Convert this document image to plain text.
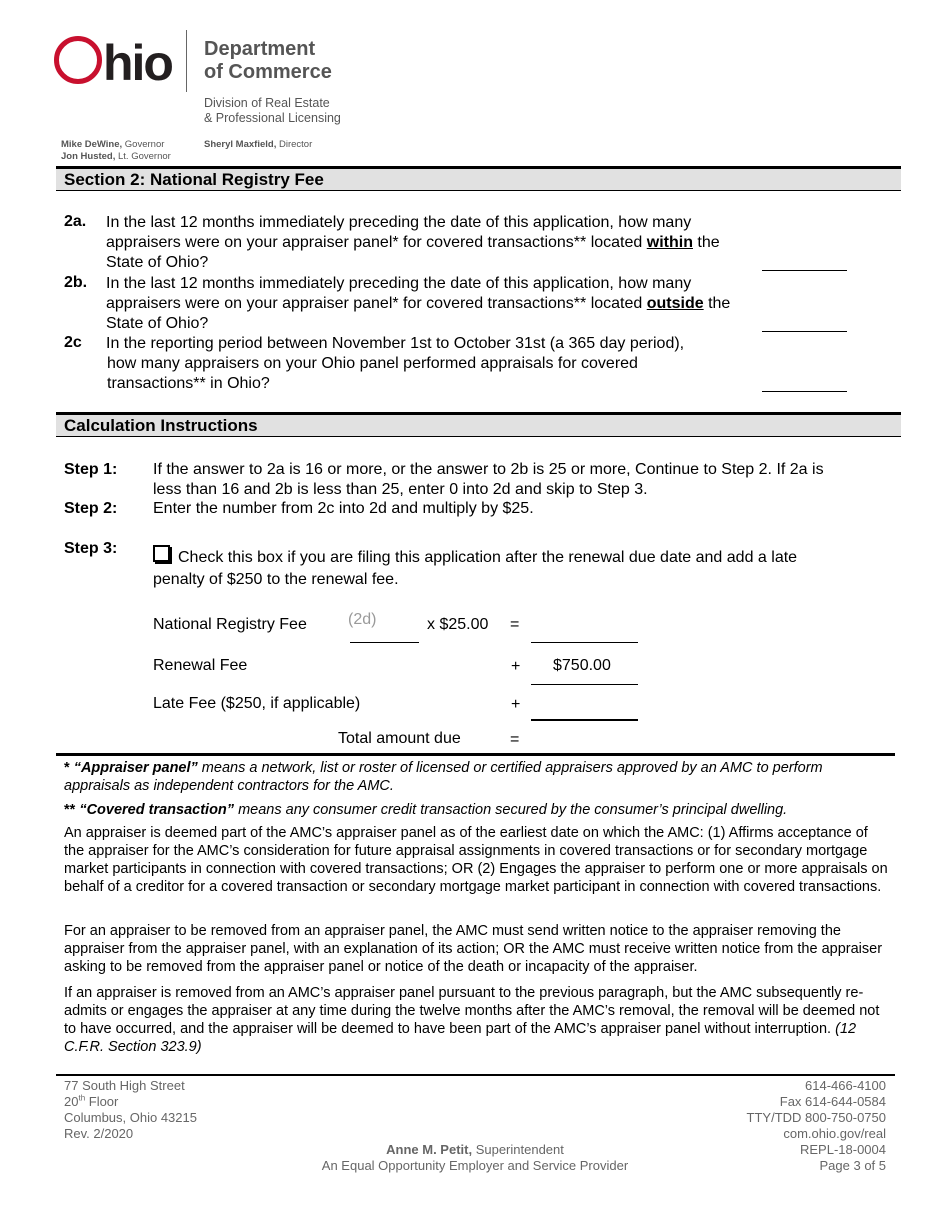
hio Department
of Commerce
Division of Real Estate
& Professional Licensing
Mike DeWine, Governor
Jon Husted, Lt. Governor
Sheryl Maxfield, Director
Section 2: National Registry Fee
2a. In the last 12 months immediately preceding the date of this application, how many appraisers were on your appraiser panel* for covered transactions** located within the State of Ohio?
2b. In the last 12 months immediately preceding the date of this application, how many appraisers were on your appraiser panel* for covered transactions** located outside the State of Ohio?
2c In the reporting period between November 1st to October 31st (a 365 day period),
how many appraisers on your Ohio panel performed appraisals for covered
transactions** in Ohio?
Calculation Instructions
Step 1: If the answer to 2a is 16 or more, or the answer to 2b is 25 or more, Continue to Step 2. If 2a is less than 16 and 2b is less than 25, enter 0 into 2d and skip to Step 3.
Step 2: Enter the number from 2c into 2d and multiply by $25.
Step 3:
Check this box if you are filing this application after the renewal due date and add a late penalty of $250 to the renewal fee.
National Registry Fee	(2d)	x $25.00 =
Renewal Fee	+ $750.00
Late Fee ($250, if applicable)	+
Total amount due	=
* “Appraiser panel” means a network, list or roster of licensed or certified appraisers approved by an AMC to perform appraisals as independent contractors for the AMC.
** “Covered transaction” means any consumer credit transaction secured by the consumer’s principal dwelling.
An appraiser is deemed part of the AMC’s appraiser panel as of the earliest date on which the AMC: (1) Affirms acceptance of the appraiser for the AMC’s consideration for future appraisal assignments in covered transactions or for secondary mortgage market participants in connection with covered transactions; OR (2) Engages the appraiser to perform one or more appraisals on behalf of a creditor for a covered transaction or secondary mortgage market participant in connection with covered transactions.
For an appraiser to be removed from an appraiser panel, the AMC must send written notice to the appraiser removing the appraiser from the appraiser panel, with an explanation of its action; OR the AMC must receive written notice from the appraiser asking to be removed from the appraiser panel or notice of the death or incapacity of the appraiser.
If an appraiser is removed from an AMC’s appraiser panel pursuant to the previous paragraph, but the AMC subsequently re-admits or engages the appraiser at any time during the twelve months after the AMC’s removal, the removal will be deemed not to have occurred, and the appraiser will be deemed to have been part of the AMC’s appraiser panel without interruption. (12 C.F.R. Section 323.9)
77 South High Street
20th Floor
Columbus, Ohio 43215
Rev. 2/2020
Anne M. Petit, Superintendent
An Equal Opportunity Employer and Service Provider
614-466-4100
Fax 614-644-0584
TTY/TDD 800-750-0750
com.ohio.gov/real
REPL-18-0004
Page 3 of 5
